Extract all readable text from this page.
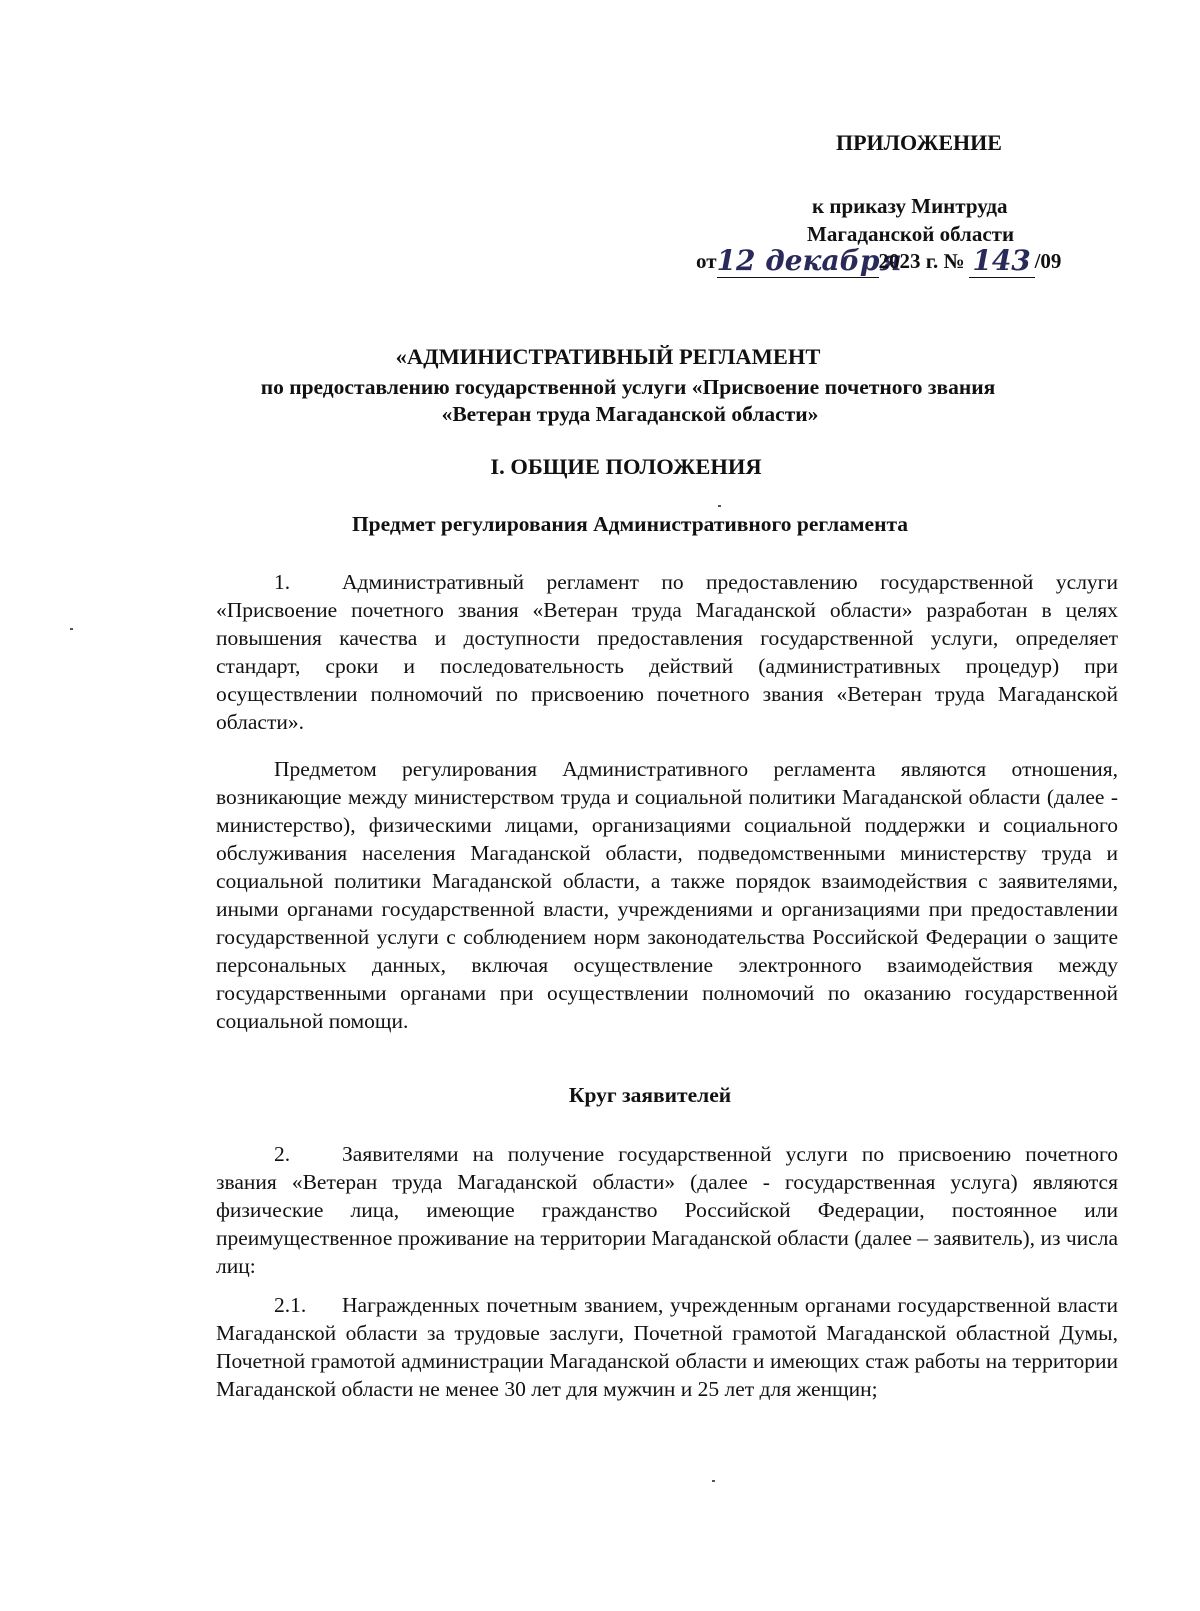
ПРИЛОЖЕНИЕ
к приказу Минтруда
Магаданской области
от 12 декабря
2023 г. № 143 /09
«АДМИНИСТРАТИВНЫЙ РЕГЛАМЕНТ
по предоставлению государственной услуги «Присвоение почетного звания
«Ветеран труда Магаданской области»
I. ОБЩИЕ ПОЛОЖЕНИЯ
Предмет регулирования Административного регламента
1. Административный регламент по предоставлению государственной услуги «Присвоение почетного звания «Ветеран труда Магаданской области» разработан в целях повышения качества и доступности предоставления государственной услуги, определяет стандарт, сроки и последовательность действий (административных процедур) при осуществлении полномочий по присвоению почетного звания «Ветеран труда Магаданской области».
Предметом регулирования Административного регламента являются отношения, возникающие между министерством труда и социальной политики Магаданской области (далее - министерство), физическими лицами, организациями социальной поддержки и социального обслуживания населения Магаданской области, подведомственными министерству труда и социальной политики Магаданской области, а также порядок взаимодействия с заявителями, иными органами государственной власти, учреждениями и организациями при предоставлении государственной услуги с соблюдением норм законодательства Российской Федерации о защите персональных данных, включая осуществление электронного взаимодействия между государственными органами при осуществлении полномочий по оказанию государственной социальной помощи.
Круг заявителей
2. Заявителями на получение государственной услуги по присвоению почетного звания «Ветеран труда Магаданской области» (далее - государственная услуга) являются физические лица, имеющие гражданство Российской Федерации, постоянное или преимущественное проживание на территории Магаданской области (далее – заявитель), из числа лиц:
2.1. Награжденных почетным званием, учрежденным органами государственной власти Магаданской области за трудовые заслуги, Почетной грамотой Магаданской областной Думы, Почетной грамотой администрации Магаданской области и имеющих стаж работы на территории Магаданской области не менее 30 лет для мужчин и 25 лет для женщин;
